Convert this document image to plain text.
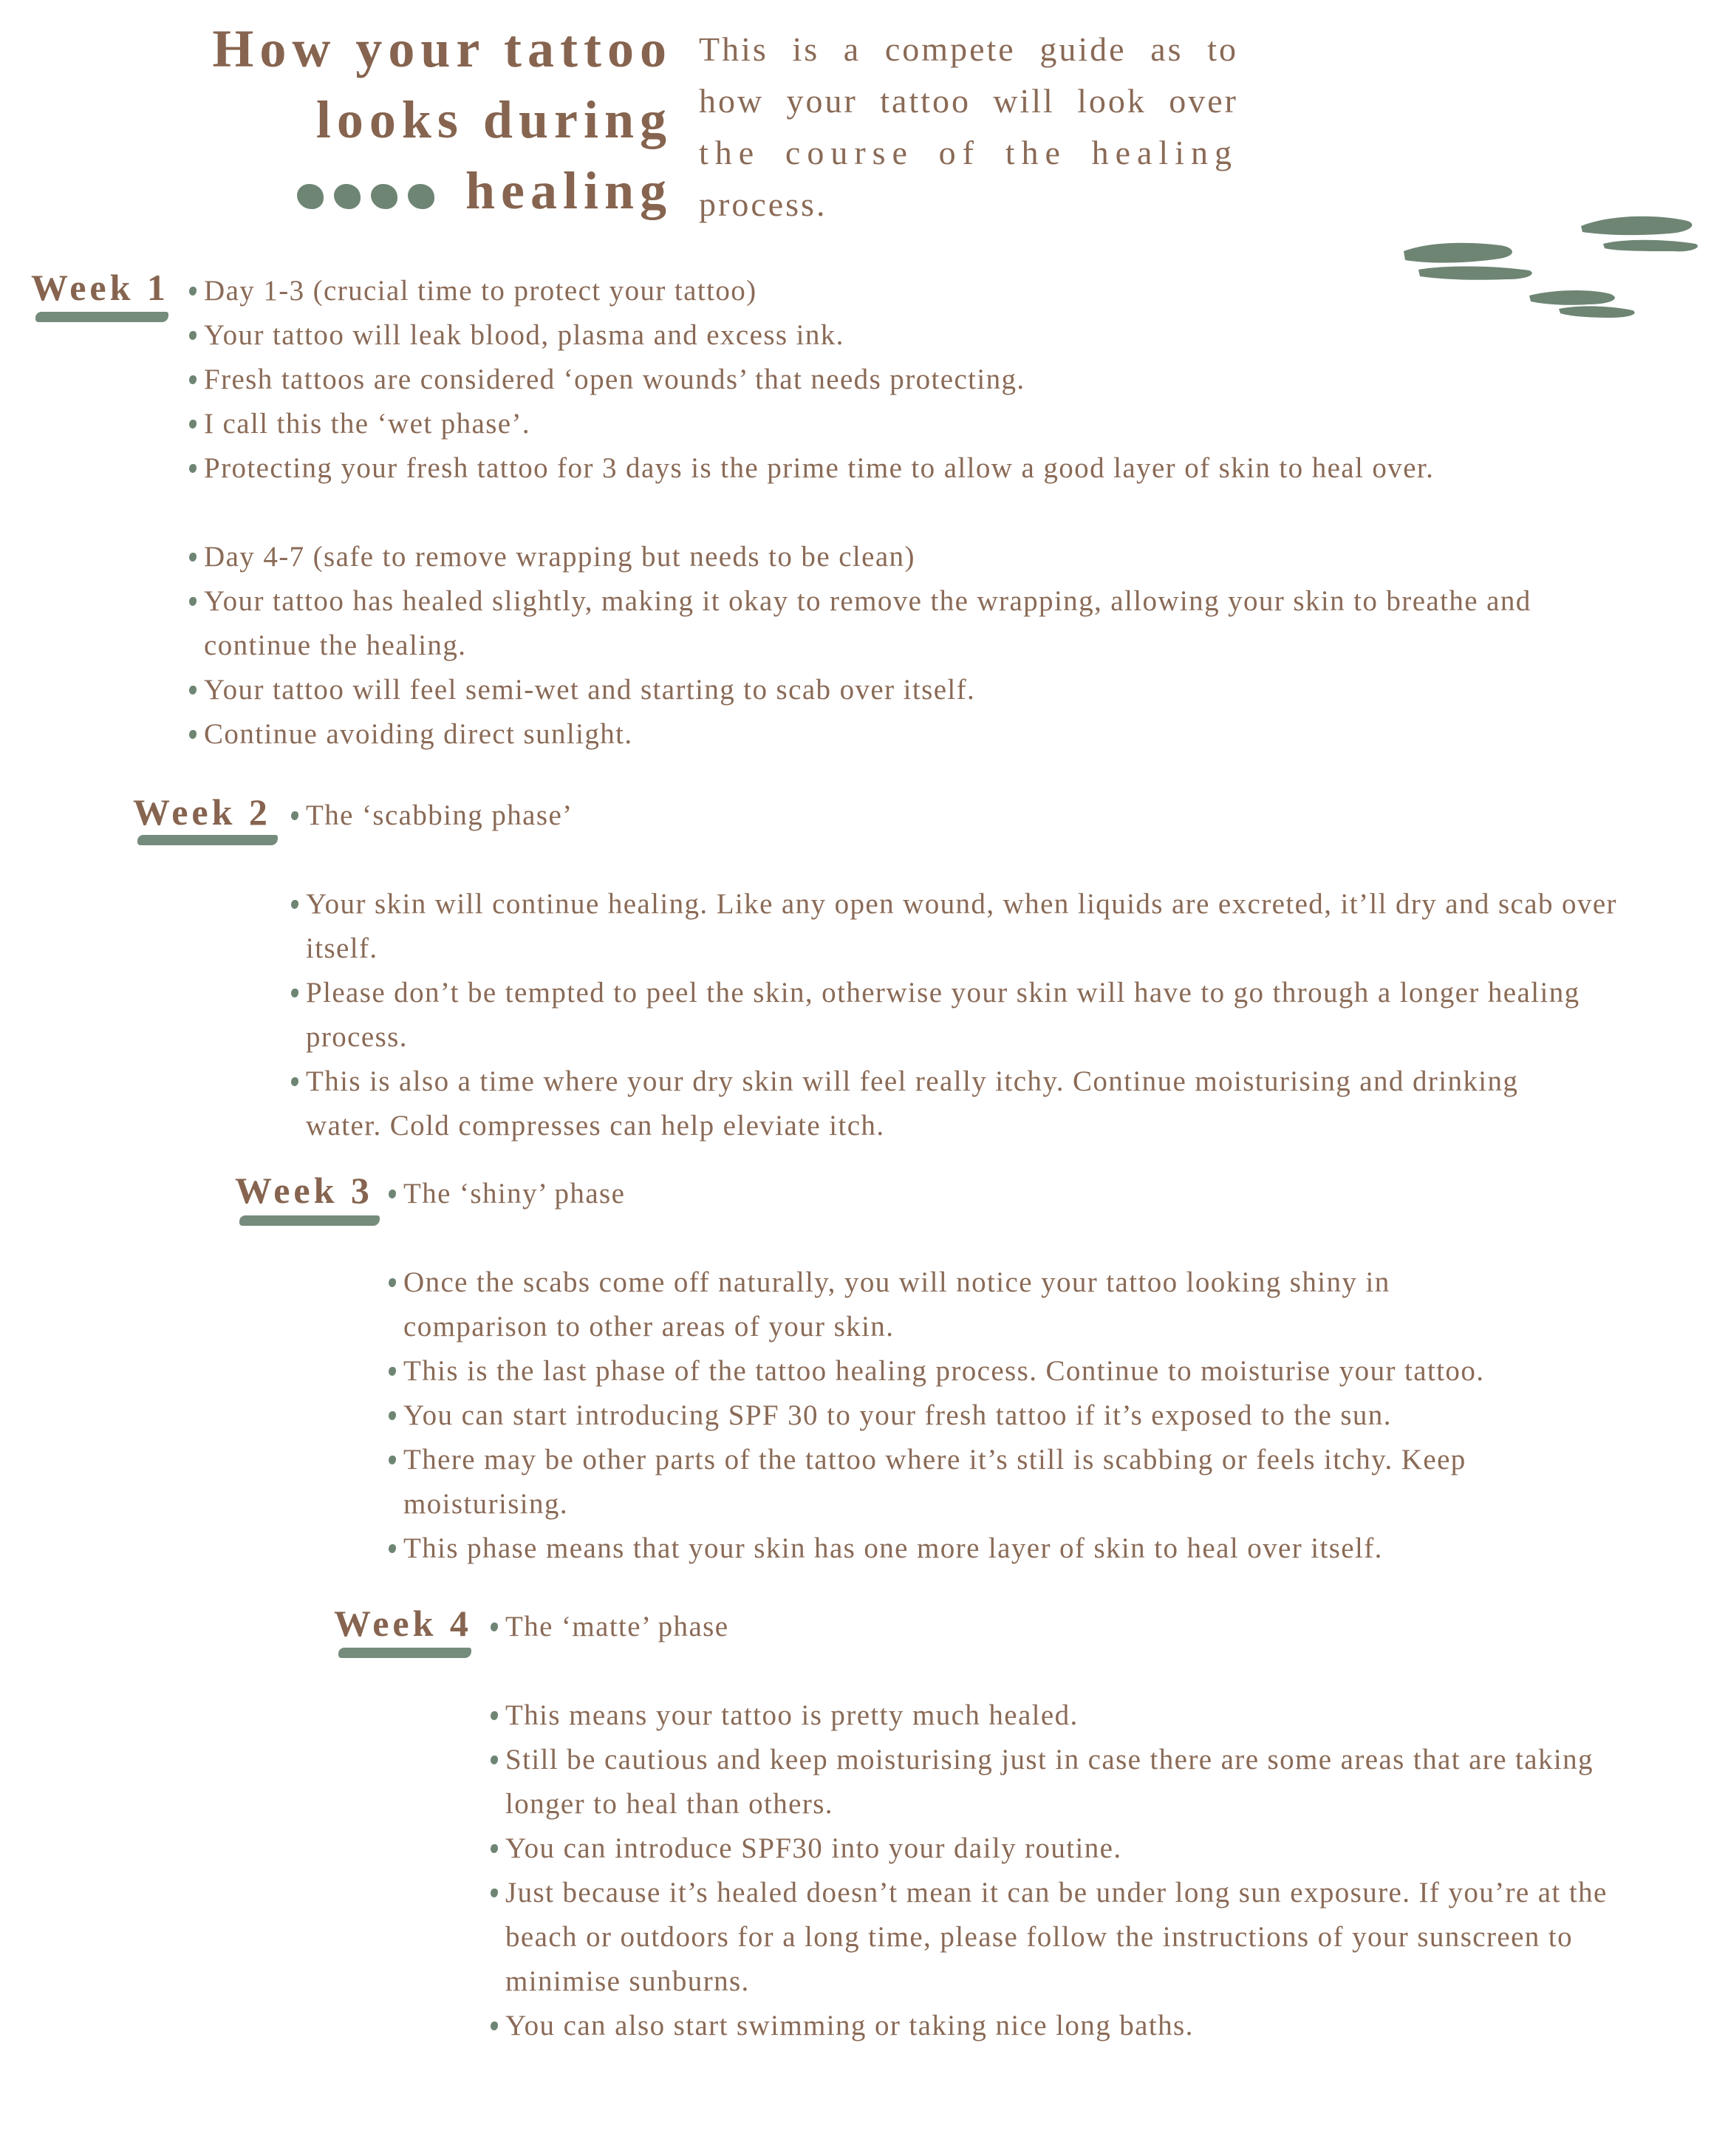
How your tattoo
looks during
healing
This is a compete guide as to
how your tattoo will look over
the course of the healing
process.
Week 1	Day 1-3 (crucial time to protect your tattoo)
Your tattoo will leak blood, plasma and excess ink.
Fresh tattoos are considered ‘open wounds’ that needs protecting.
I call this the ‘wet phase’.
Protecting your fresh tattoo for 3 days is the prime time to allow a good layer of skin to heal over.
Day 4-7 (safe to remove wrapping but needs to be clean)
Your tattoo has healed slightly, making it okay to remove the wrapping, allowing your skin to breathe and continue the healing.
Your tattoo will feel semi-wet and starting to scab over itself.
Continue avoiding direct sunlight.
Week 2	The ‘scabbing phase’
Your skin will continue healing. Like any open wound, when liquids are excreted, it’ll dry and scab over itself.
Please don’t be tempted to peel the skin, otherwise your skin will have to go through a longer healing process.
This is also a time where your dry skin will feel really itchy. Continue moisturising and drinking water. Cold compresses can help eleviate itch.
Week 3	The ‘shiny’ phase
Once the scabs come off naturally, you will notice your tattoo looking shiny in comparison to other areas of your skin.
This is the last phase of the tattoo healing process. Continue to moisturise your tattoo.
You can start introducing SPF 30 to your fresh tattoo if it’s exposed to the sun.
There may be other parts of the tattoo where it’s still is scabbing or feels itchy. Keep moisturising.
This phase means that your skin has one more layer of skin to heal over itself.
Week 4	The ‘matte’ phase
This means your tattoo is pretty much healed.
Still be cautious and keep moisturising just in case there are some areas that are taking longer to heal than others.
You can introduce SPF30 into your daily routine.
Just because it’s healed doesn’t mean it can be under long sun exposure. If you’re at the beach or outdoors for a long time, please follow the instructions of your sunscreen to minimise sunburns.
You can also start swimming or taking nice long baths.
